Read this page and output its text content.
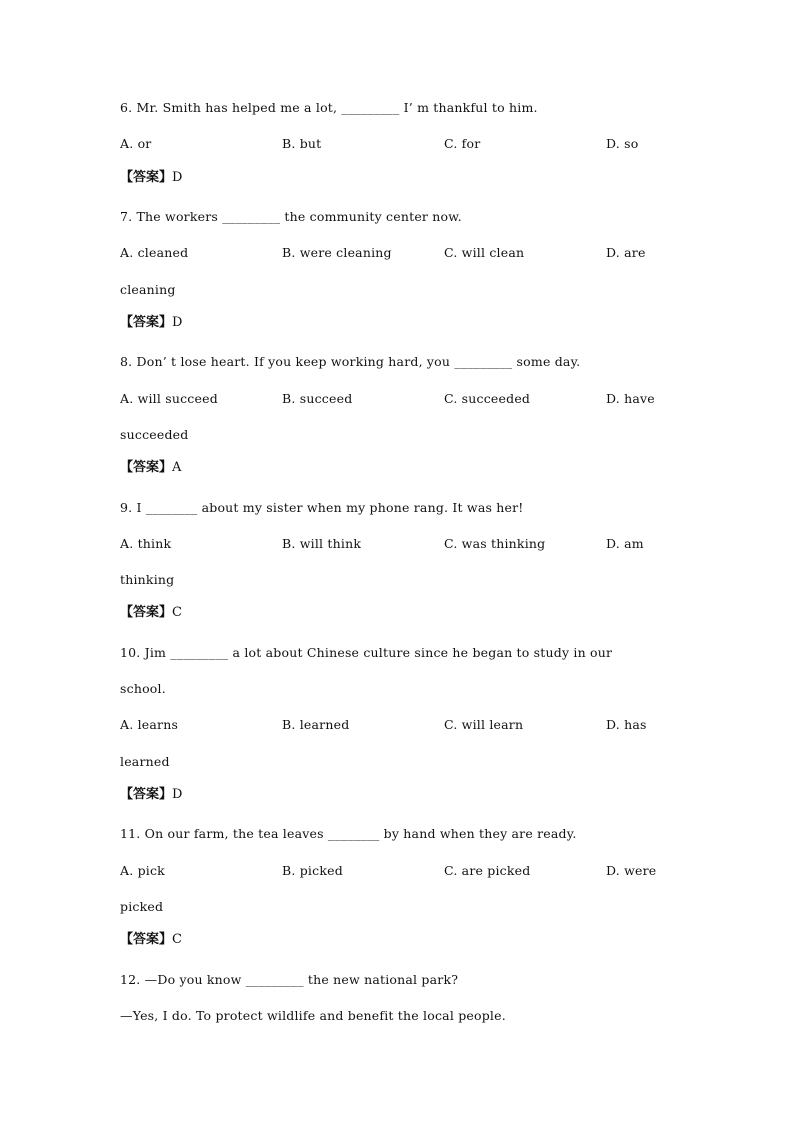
6. Mr. Smith has helped me a lot, _________ I’ m thankful to him.
A. or	B. but	C. for	D. so
【答案】D
7. The workers _________ the community center now.
A. cleaned	B. were cleaning	C. will clean	D. are
cleaning
【答案】D
8. Don’ t lose heart. If you keep working hard, you _________ some day.
A. will succeed	B. succeed	C. succeeded	D. have
succeeded
【答案】A
9. I ________ about my sister when my phone rang. It was her!
A. think	B. will think	C. was thinking	D. am
thinking
【答案】C
10. Jim _________ a lot about Chinese culture since he began to study in our
school.
A. learns	B. learned	C. will learn	D. has
learned
【答案】D
11. On our farm, the tea leaves ________ by hand when they are ready.
A. pick	B. picked	C. are picked	D. were
picked
【答案】C
12. —Do you know _________ the new national park?
—Yes, I do. To protect wildlife and benefit the local people.
